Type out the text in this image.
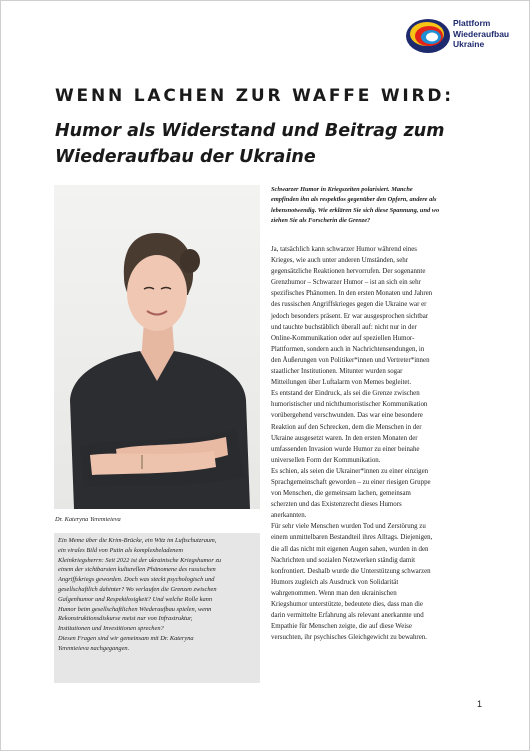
Plattform
Wiederaufbau
Ukraine
WENN LACHEN ZUR WAFFE WIRD:
Humor als Widerstand und Beitrag zum
Wiederaufbau der Ukraine
Dr. Kateryna Yeremieieva
Ein Meme über die Krim-Brücke, ein Witz im Luftschutzraum,
ein virales Bild von Putin als komplexbeladenem
Kleinkriegsherrn: Seit 2022 ist der ukrainische Kriegshumor zu
einem der sichtbarsten kulturellen Phänomene des russischen
Angriffskriegs geworden. Doch was steckt psychologisch und
gesellschaftlich dahinter? Wo verlaufen die Grenzen zwischen
Galgenhumor und Respektlosigkeit? Und welche Rolle kann
Humor beim gesellschaftlichen Wiederaufbau spielen, wenn
Rekonstruktionsdiskurse meist nur von Infrastruktur,
Institutionen und Investitionen sprechen?
Diesen Fragen sind wir gemeinsam mit Dr. Kateryna
Yeremieieva nachgegangen.
Schwarzer Humor in Kriegszeiten polarisiert. Manche
empfinden ihn als respektlos gegenüber den Opfern, andere als
lebensnotwendig. Wie erklären Sie sich diese Spannung, und wo
ziehen Sie als Forscherin die Grenze?
Ja, tatsächlich kann schwarzer Humor während eines
Krieges, wie auch unter anderen Umständen, sehr
gegensätzliche Reaktionen hervorrufen. Der sogenannte
Grenzhumor – Schwarzer Humor – ist an sich ein sehr
spezifisches Phänomen. In den ersten Monaten und Jahren
des russischen Angriffskrieges gegen die Ukraine war er
jedoch besonders präsent. Er war ausgesprochen sichtbar
und tauchte buchstäblich überall auf: nicht nur in der
Online-Kommunikation oder auf speziellen Humor-
Plattformen, sondern auch in Nachrichtensendungen, in
den Äußerungen von Politiker*innen und Vertreter*innen
staatlicher Institutionen. Mitunter wurden sogar
Mitteilungen über Luftalarm von Memes begleitet.
Es entstand der Eindruck, als sei die Grenze zwischen
humoristischer und nichthumoristischer Kommunikation
vorübergehend verschwunden. Das war eine besondere
Reaktion auf den Schrecken, dem die Menschen in der
Ukraine ausgesetzt waren. In den ersten Monaten der
umfassenden Invasion wurde Humor zu einer beinahe
universellen Form der Kommunikation.
Es schien, als seien die Ukrainer*innen zu einer einzigen
Sprachgemeinschaft geworden – zu einer riesigen Gruppe
von Menschen, die gemeinsam lachen, gemeinsam
scherzten und das Existenzrecht dieses Humors
anerkannten.
Für sehr viele Menschen wurden Tod und Zerstörung zu
einem unmittelbaren Bestandteil ihres Alltags. Diejenigen,
die all das nicht mit eigenen Augen sahen, wurden in den
Nachrichten und sozialen Netzwerken ständig damit
konfrontiert. Deshalb wurde die Unterstützung schwarzen
Humors zugleich als Ausdruck von Solidarität
wahrgenommen. Wenn man den ukrainischen
Kriegshumor unterstützte, bedeutete dies, dass man die
darin vermittelte Erfahrung als relevant anerkannte und
Empathie für Menschen zeigte, die auf diese Weise
versuchten, ihr psychisches Gleichgewicht zu bewahren.
1
